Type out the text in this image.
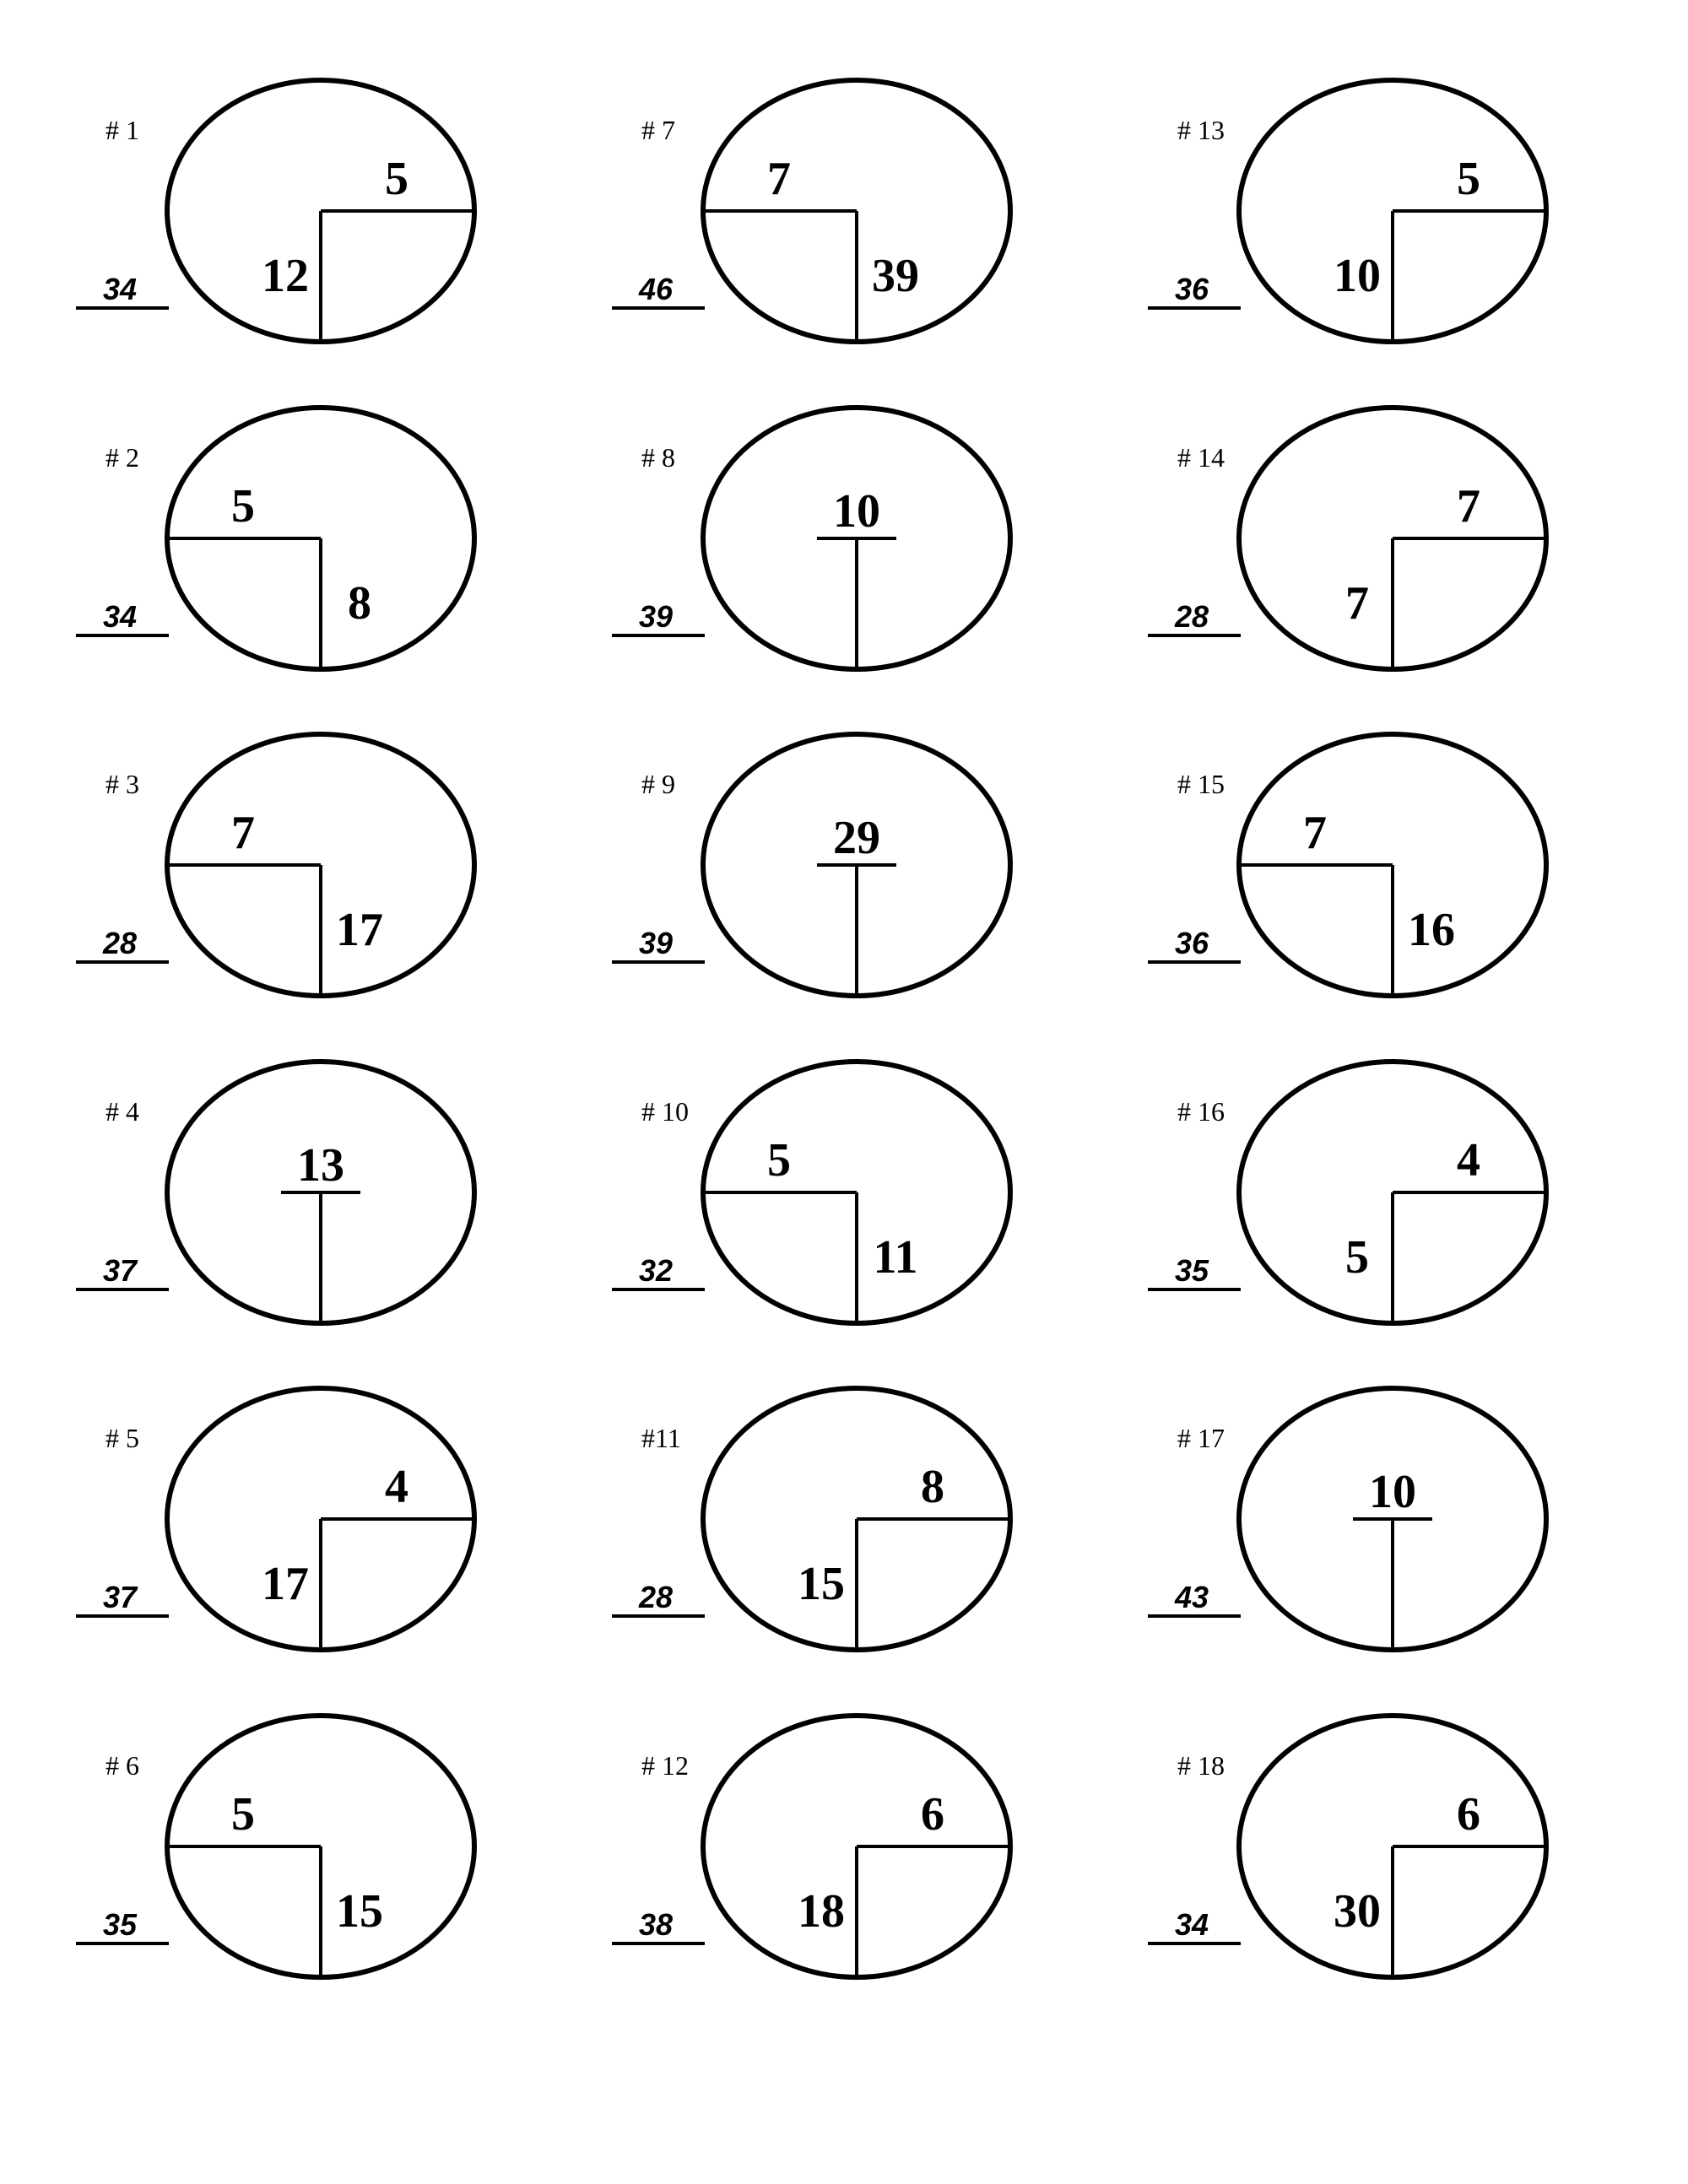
# 1
34
5
12
# 2
34
5
8
# 3
28
7
17
# 4
37
13
# 5
37
4
17
# 6
35
5
15
# 7
46
7
39
# 8
39
10
# 9
39
29
# 10
32
5
11
#11
28
8
15
# 12
38
6
18
# 13
36
5
10
# 14
28
7
7
# 15
36
7
16
# 16
35
4
5
# 17
43
10
# 18
34
6
30
